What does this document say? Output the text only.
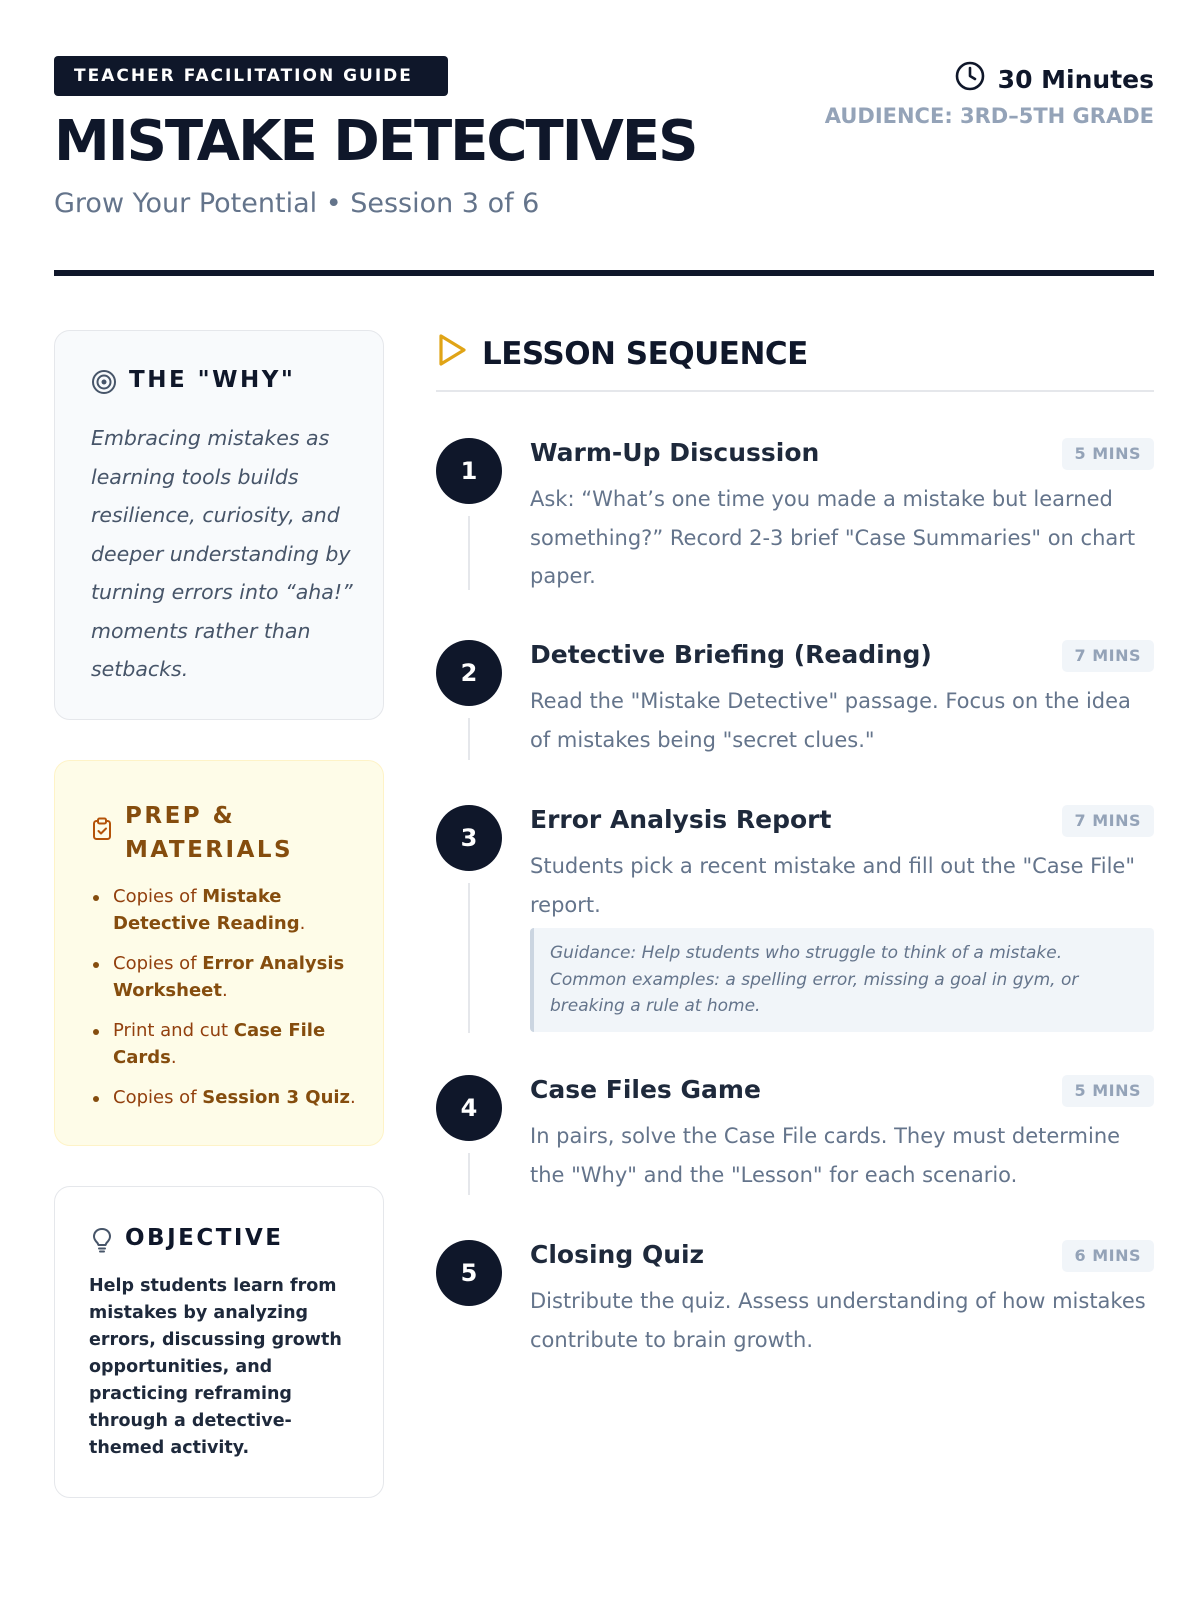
TEACHER FACILITATION GUIDE
MISTAKE DETECTIVES
Grow Your Potential • Session 3 of 6
30 Minutes
AUDIENCE: 3RD–5TH GRADE
THE "WHY"
Embracing mistakes as learning tools builds resilience, curiosity, and deeper understanding by turning errors into “aha!” moments rather than setbacks.
PREP & MATERIALS
Copies of Mistake Detective Reading.
Copies of Error Analysis Worksheet.
Print and cut Case File Cards.
Copies of Session 3 Quiz.
OBJECTIVE
Help students learn from mistakes by analyzing errors, discussing growth opportunities, and practicing reframing through a detective-themed activity.
LESSON SEQUENCE
1
Warm-Up Discussion	5 MINS
Ask: “What’s one time you made a mistake but learned something?” Record 2-3 brief "Case Summaries" on chart paper.
2
Detective Briefing (Reading)	7 MINS
Read the "Mistake Detective" passage. Focus on the idea of mistakes being "secret clues."
3
Error Analysis Report	7 MINS
Students pick a recent mistake and fill out the "Case File" report.
Guidance: Help students who struggle to think of a mistake. Common examples: a spelling error, missing a goal in gym, or breaking a rule at home.
4
Case Files Game	5 MINS
In pairs, solve the Case File cards. They must determine the "Why" and the "Lesson" for each scenario.
5
Closing Quiz	6 MINS
Distribute the quiz. Assess understanding of how mistakes contribute to brain growth.
